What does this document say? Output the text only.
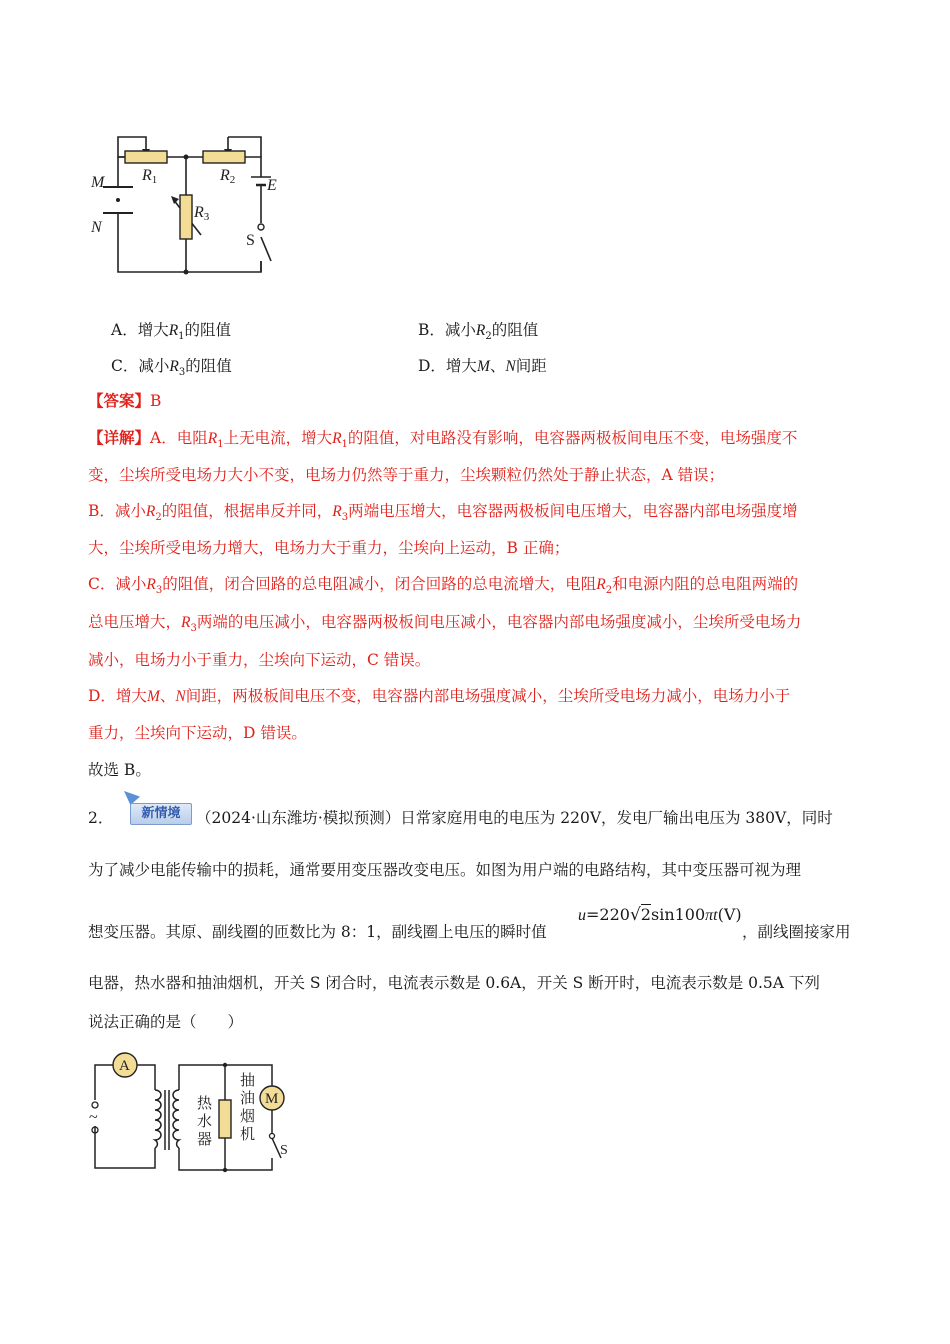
M
N
R1	R2
R3
E
S
A．增大$R_1$的阻值	B．减小$R_2$的阻值
C．减小$R_3$的阻值	D．增大M、N间距
【答案】B
【详解】A．电阻$R_1$上无电流，增大$R_1$的阻值，对电路没有影响，电容器两极板间电压不变，电场强度不
变，尘埃所受电场力大小不变，电场力仍然等于重力，尘埃颗粒仍然处于静止状态，A 错误；
B．减小$R_2$的阻值，根据串反并同，$R_3$两端电压增大，电容器两极板间电压增大，电容器内部电场强度增
大，尘埃所受电场力增大，电场力大于重力，尘埃向上运动，B 正确；
C．减小$R_3$的阻值，闭合回路的总电阻减小，闭合回路的总电流增大，电阻$R_2$和电源内阻的总电阻两端的
总电压增大，$R_3$两端的电压减小，电容器两极板间电压减小，电容器内部电场强度减小，尘埃所受电场力
减小，电场力小于重力，尘埃向下运动，C 错误。
D．增大M、N间距，两极板间电压不变，电容器内部电场强度减小，尘埃所受电场力减小，电场力小于
重力，尘埃向下运动，D 错误。
故选 B。
2．	新情境	（2024·山东潍坊·模拟预测）日常家庭用电的电压为 220V，发电厂输出电压为 380V，同时
为了减少电能传输中的损耗，通常要用变压器改变电压。如图为用户端的电路结构，其中变压器可视为理
想变压器。其原、副线圈的匝数比为 8：1，副线圈上电压的瞬时值
u=220√2sin100πt(V)
，副线圈接家用
电器，热水器和抽油烟机，开关 S 闭合时，电流表示数是 0.6A，开关 S 断开时，电流表示数是 0.5A 下列
说法正确的是（　　）
A
M
~
S
热
水
器
抽
油
烟
机
